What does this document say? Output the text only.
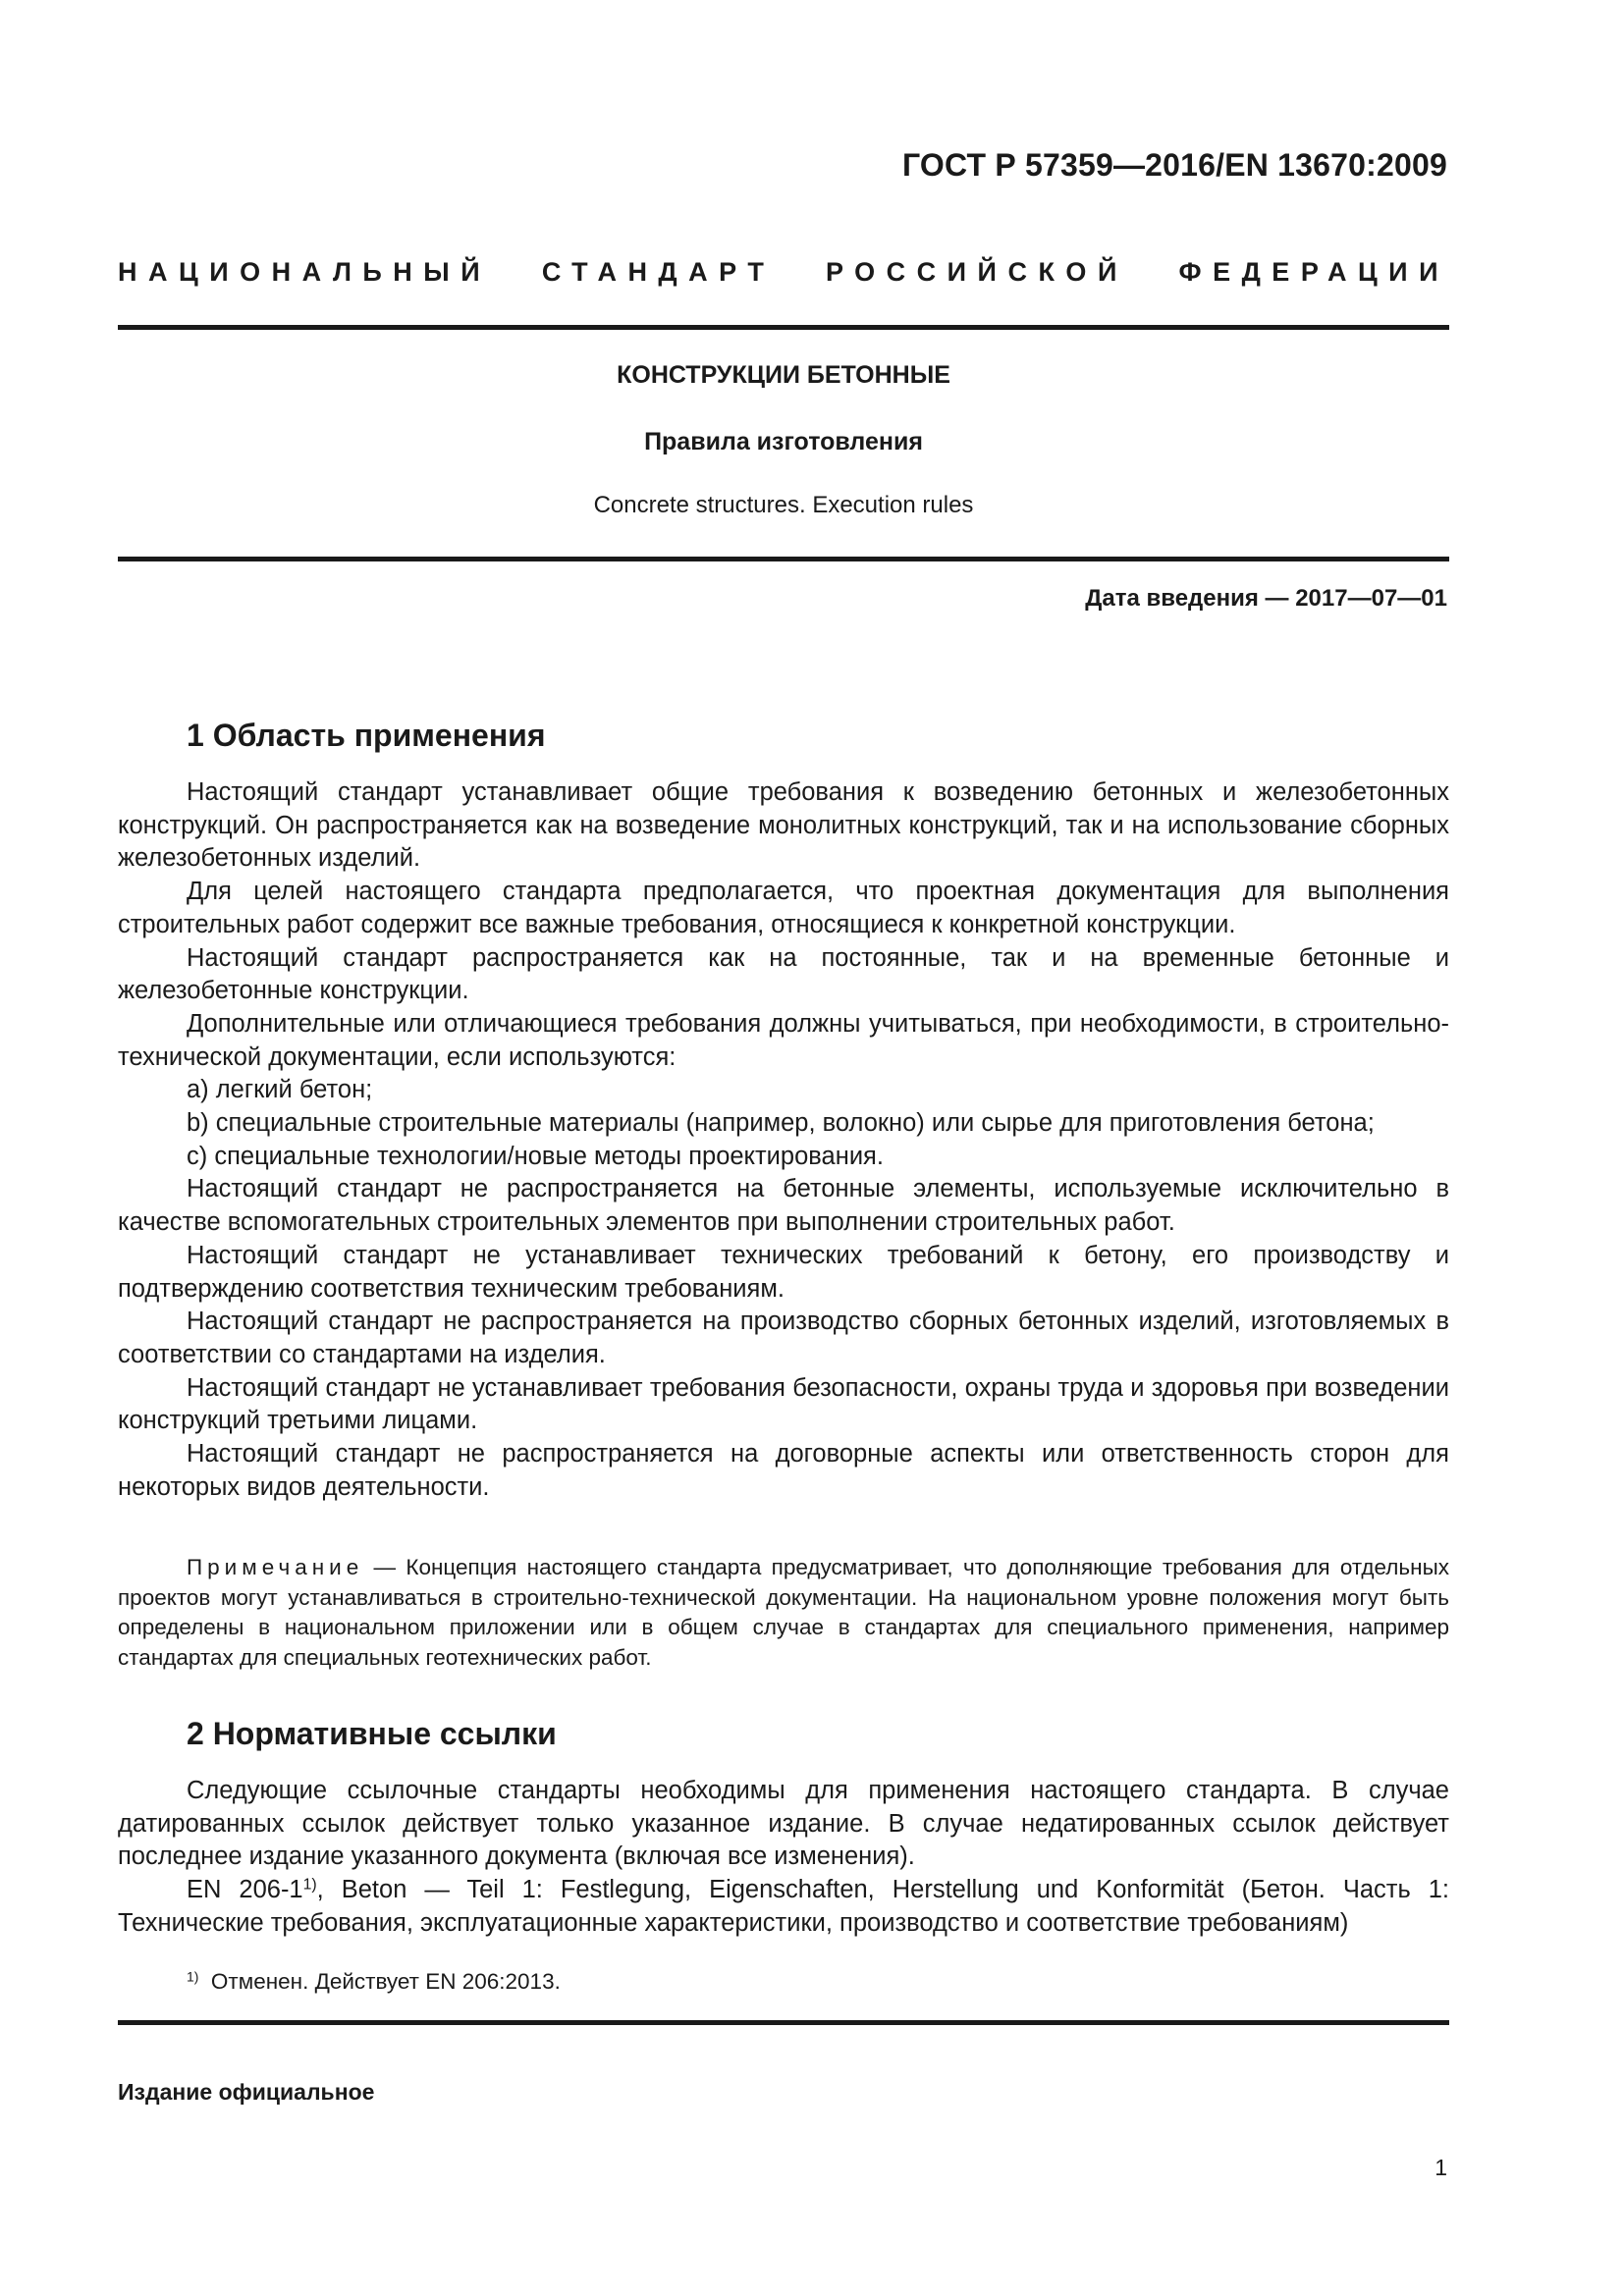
ГОСТ Р 57359—2016/EN 13670:2009
НАЦИОНАЛЬНЫЙ СТАНДАРТ РОССИЙСКОЙ ФЕДЕРАЦИИ
КОНСТРУКЦИИ БЕТОННЫЕ
Правила изготовления
Concrete structures. Execution rules
Дата введения — 2017—07—01
1 Область применения

Настоящий стандарт устанавливает общие требования к возведению бетонных и железобетонных конструкций. Он распространяется как на возведение монолитных конструкций, так и на использование сборных железобетонных изделий.

Для целей настоящего стандарта предполагается, что проектная документация для выполнения строительных работ содержит все важные требования, относящиеся к конкретной конструкции.

Настоящий стандарт распространяется как на постоянные, так и на временные бетонные и железобетонные конструкции.

Дополнительные или отличающиеся требования должны учитываться, при необходимости, в строительно-технической документации, если используются:

a) легкий бетон;

b) специальные строительные материалы (например, волокно) или сырье для приготовления бетона;

c) специальные технологии/новые методы проектирования.

Настоящий стандарт не распространяется на бетонные элементы, используемые исключительно в качестве вспомогательных строительных элементов при выполнении строительных работ.

Настоящий стандарт не устанавливает технических требований к бетону, его производству и подтверждению соответствия техническим требованиям.

Настоящий стандарт не распространяется на производство сборных бетонных изделий, изготовляемых в соответствии со стандартами на изделия.

Настоящий стандарт не устанавливает требования безопасности, охраны труда и здоровья при возведении конструкций третьими лицами.

Настоящий стандарт не распространяется на договорные аспекты или ответственность сторон для некоторых видов деятельности.

Примечание — Концепция настоящего стандарта предусматривает, что дополняющие требования для отдельных проектов могут устанавливаться в строительно-технической документации. На национальном уровне положения могут быть определены в национальном приложении или в общем случае в стандартах для специального применения, например стандартах для специальных геотехнических работ.

2 Нормативные ссылки

Следующие ссылочные стандарты необходимы для применения настоящего стандарта. В случае датированных ссылок действует только указанное издание. В случае недатированных ссылок действует последнее издание указанного документа (включая все изменения).

EN 206-1$^{1)}$, Beton — Teil 1: Festlegung, Eigenschaften, Herstellung und Konformität (Бетон. Часть 1: Технические требования, эксплуатационные характеристики, производство и соответствие требованиям)

$^{1)}$ Отменен. Действует EN 206:2013.
Издание официальное
1
